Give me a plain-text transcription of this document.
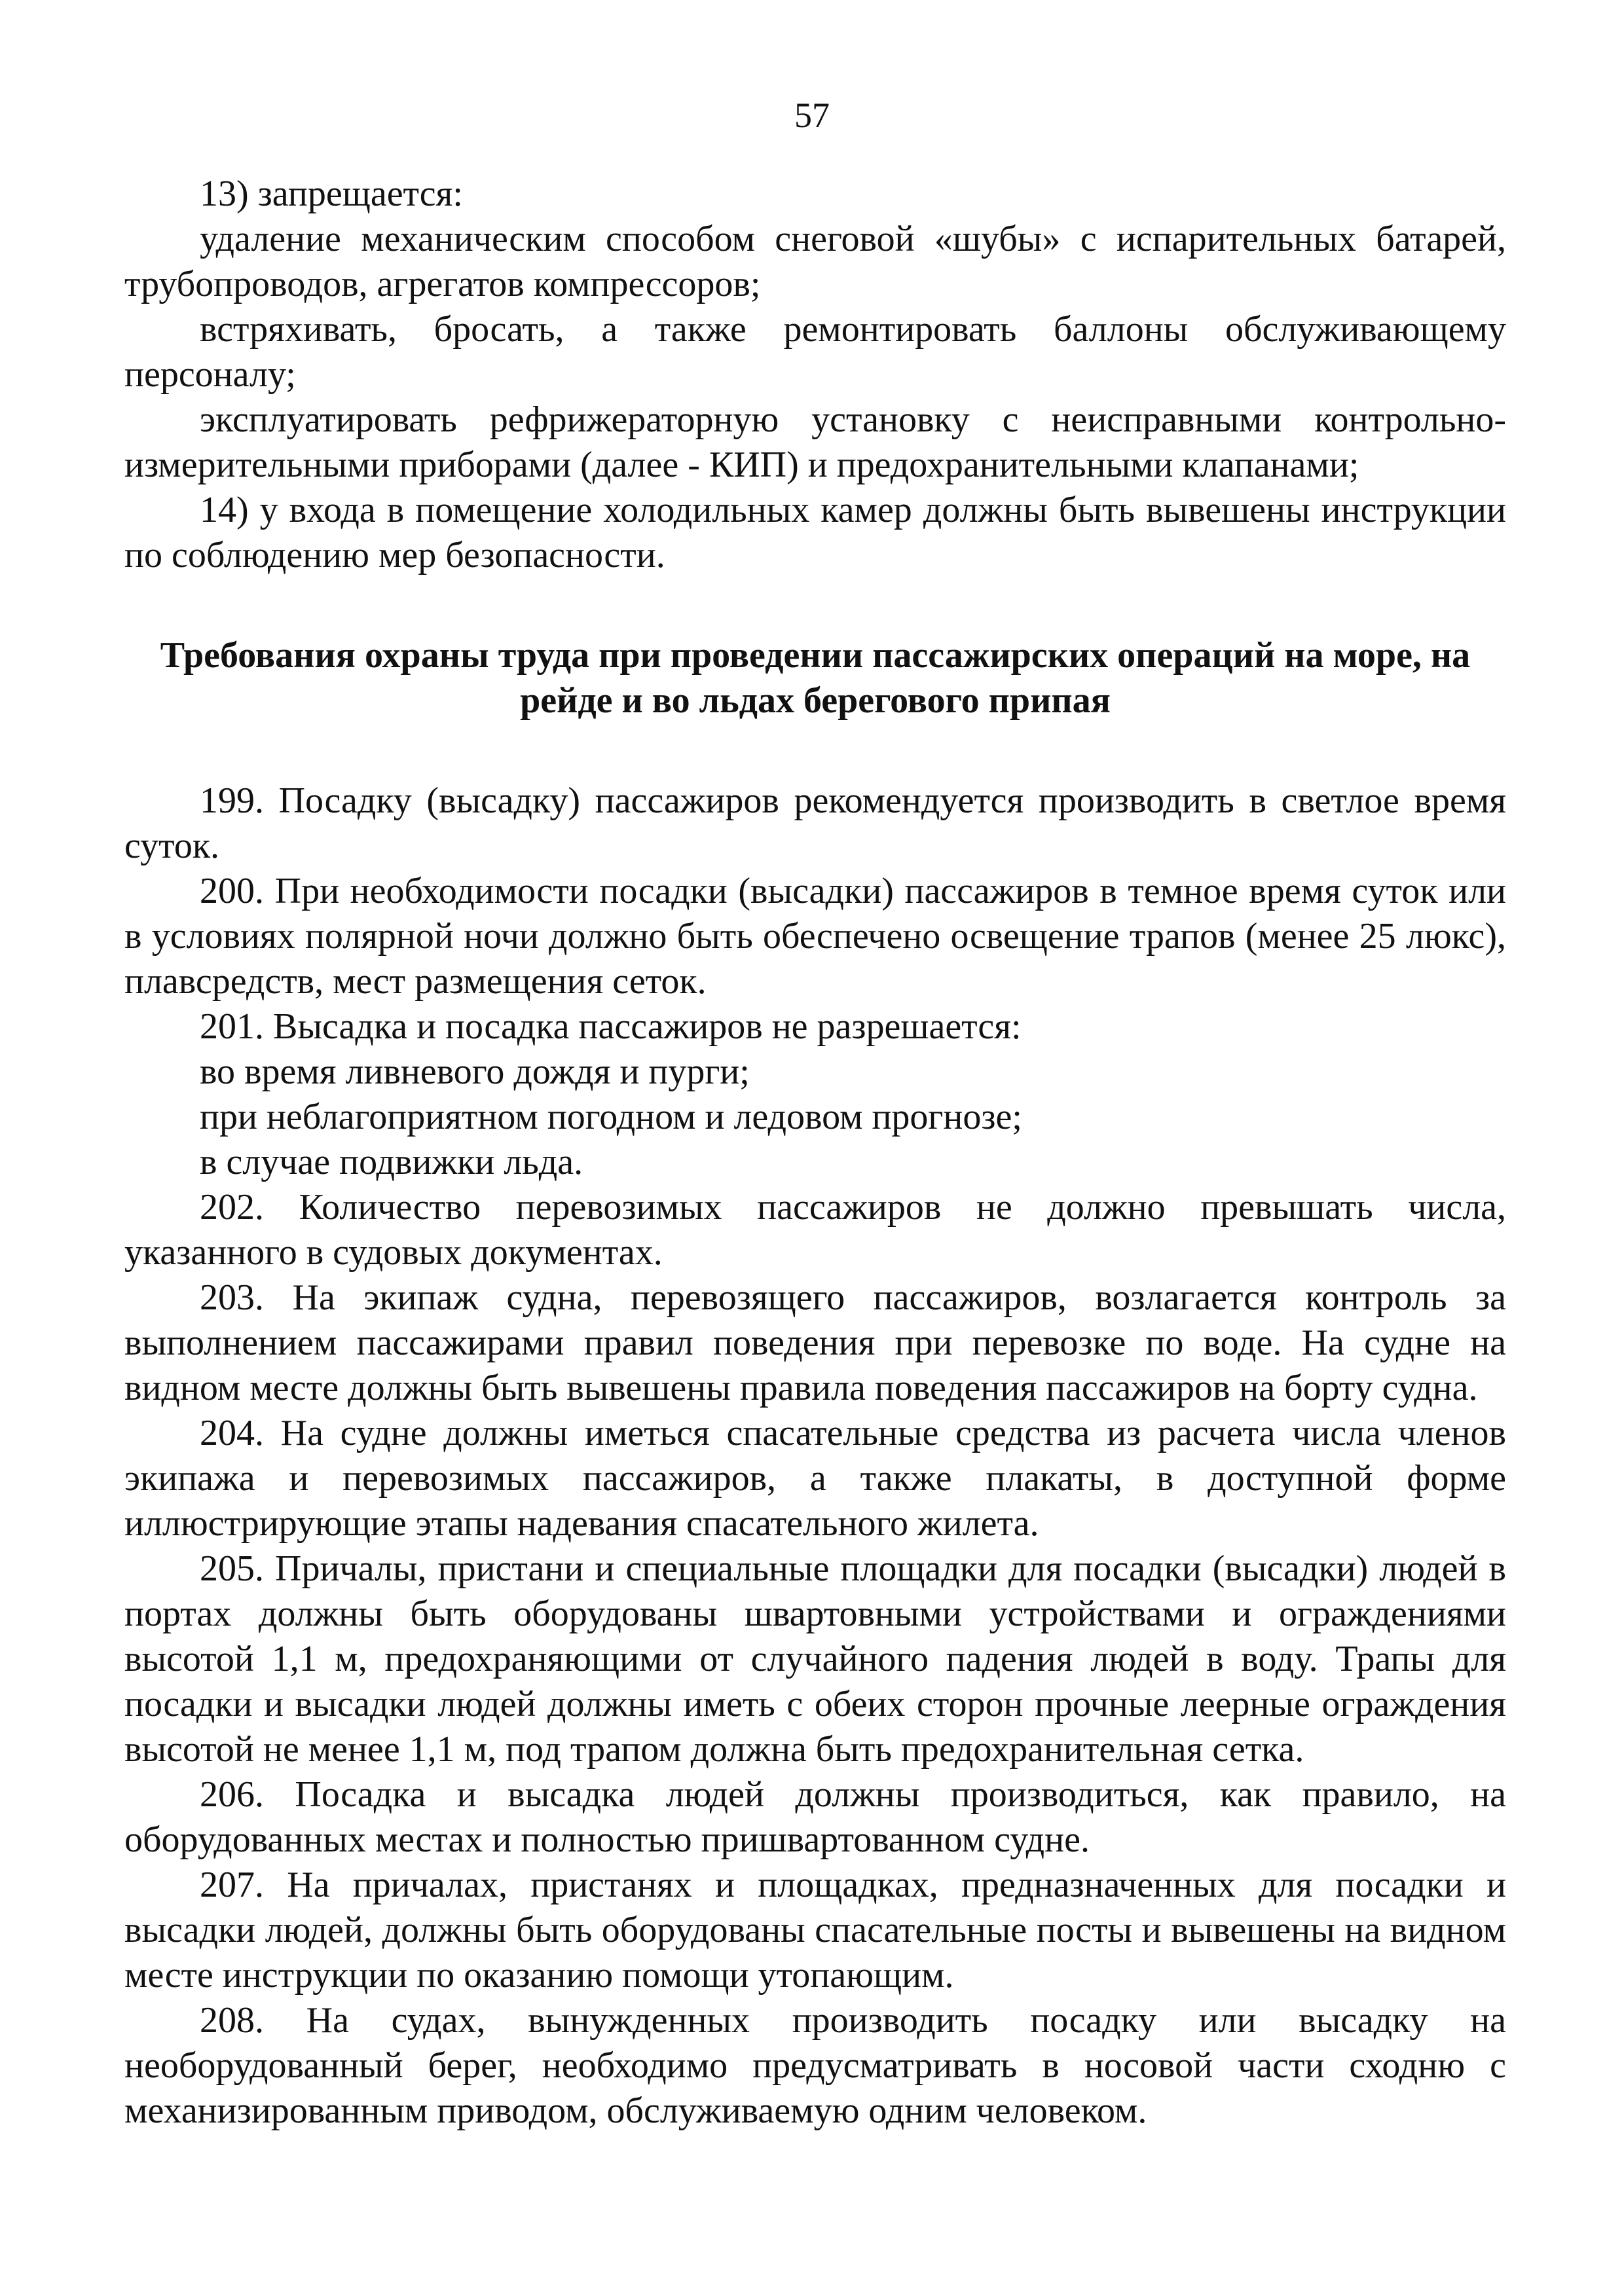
57

13) запрещается:

удаление механическим способом снеговой «шубы» с испарительных батарей, трубопроводов, агрегатов компрессоров;

встряхивать, бросать, а также ремонтировать баллоны обслуживающему персоналу;

эксплуатировать рефрижераторную установку с неисправными контрольно-измерительными приборами (далее - КИП) и предохранительными клапанами;

14) у входа в помещение холодильных камер должны быть вывешены инструкции по соблюдению мер безопасности.

Требования охраны труда при проведении пассажирских операций на море, на рейде и во льдах берегового припая

199. Посадку (высадку) пассажиров рекомендуется производить в светлое время суток.

200. При необходимости посадки (высадки) пассажиров в темное время суток или в условиях полярной ночи должно быть обеспечено освещение трапов (менее 25 люкс), плавсредств, мест размещения сеток.

201. Высадка и посадка пассажиров не разрешается:

во время ливневого дождя и пурги;

при неблагоприятном погодном и ледовом прогнозе;

в случае подвижки льда.

202. Количество перевозимых пассажиров не должно превышать числа, указанного в судовых документах.

203. На экипаж судна, перевозящего пассажиров, возлагается контроль за выполнением пассажирами правил поведения при перевозке по воде. На судне на видном месте должны быть вывешены правила поведения пассажиров на борту судна.

204. На судне должны иметься спасательные средства из расчета числа членов экипажа и перевозимых пассажиров, а также плакаты, в доступной форме иллюстрирующие этапы надевания спасательного жилета.

205. Причалы, пристани и специальные площадки для посадки (высадки) людей в портах должны быть оборудованы швартовными устройствами и ограждениями высотой 1,1 м, предохраняющими от случайного падения людей в воду. Трапы для посадки и высадки людей должны иметь с обеих сторон прочные леерные ограждения высотой не менее 1,1 м, под трапом должна быть предохранительная сетка.

206. Посадка и высадка людей должны производиться, как правило, на оборудованных местах и полностью пришвартованном судне.

207. На причалах, пристанях и площадках, предназначенных для посадки и высадки людей, должны быть оборудованы спасательные посты и вывешены на видном месте инструкции по оказанию помощи утопающим.

208. На судах, вынужденных производить посадку или высадку на необорудованный берег, необходимо предусматривать в носовой части сходню с механизированным приводом, обслуживаемую одним человеком.
